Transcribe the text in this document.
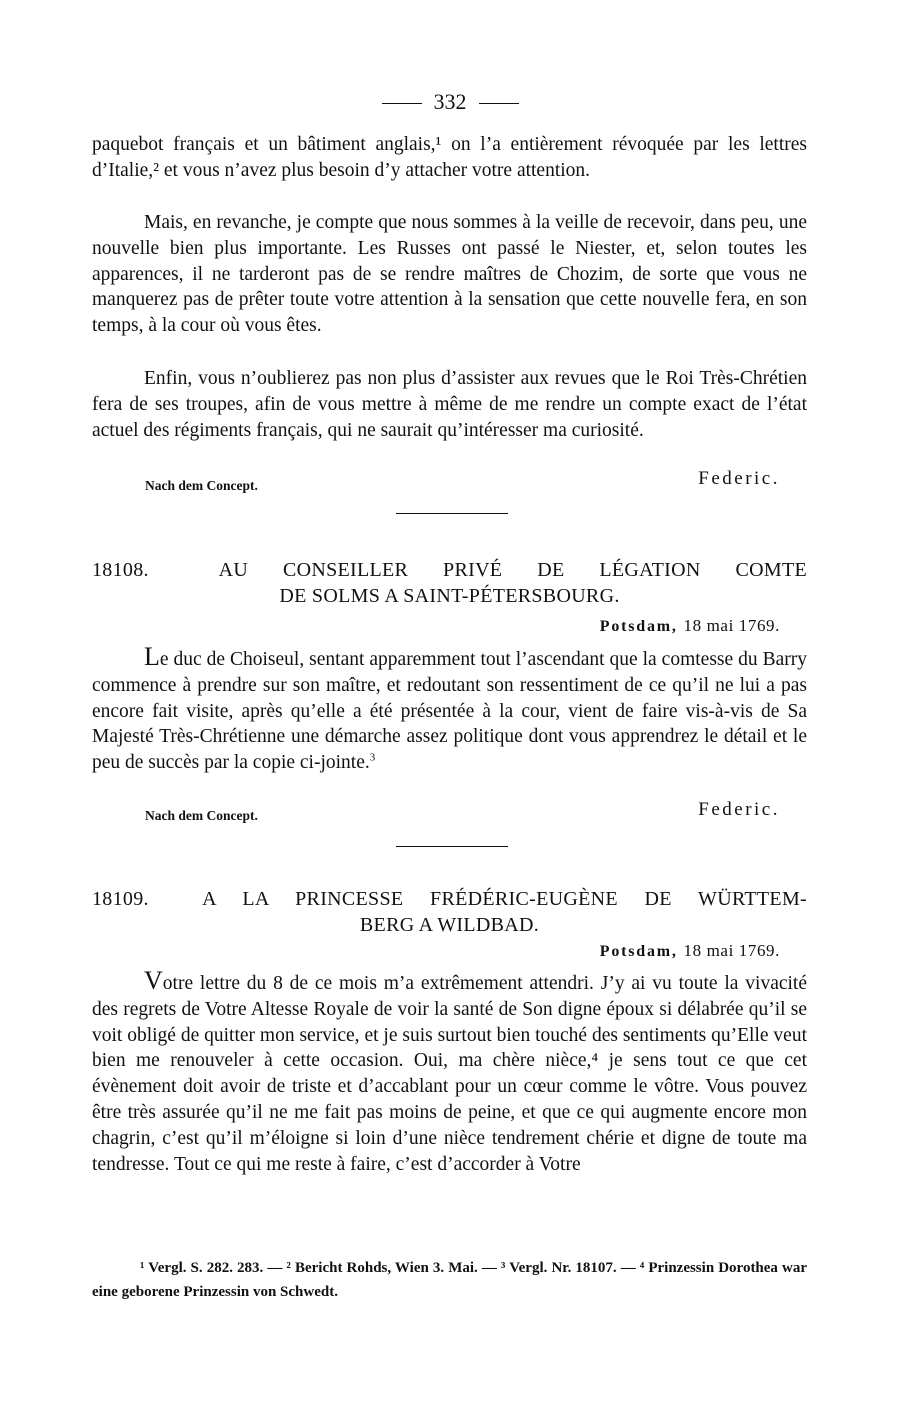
332

paquebot français et un bâtiment anglais,¹ on l’a entièrement révoquée par les lettres d’Italie,² et vous n’avez plus besoin d’y attacher votre attention.

Mais, en revanche, je compte que nous sommes à la veille de recevoir, dans peu, une nouvelle bien plus importante. Les Russes ont passé le Niester, et, selon toutes les apparences, il ne tarderont pas de se rendre maîtres de Chozim, de sorte que vous ne manquerez pas de prêter toute votre attention à la sensation que cette nouvelle fera, en son temps, à la cour où vous êtes.

Enfin, vous n’oublierez pas non plus d’assister aux revues que le Roi Très-Chrétien fera de ses troupes, afin de vous mettre à même de me rendre un compte exact de l’état actuel des régiments français, qui ne saurait qu’intéresser ma curiosité.

Nach dem Concept.	Federic.
18108.	AU CONSEILLER PRIVÉ DE LÉGATION COMTE
DE SOLMS A SAINT-PÉTERSBOURG.
Potsdam, 18 mai 1769.

Le duc de Choiseul, sentant apparemment tout l’ascendant que la comtesse du Barry commence à prendre sur son maître, et redoutant son ressentiment de ce qu’il ne lui a pas encore fait visite, après qu’elle a été présentée à la cour, vient de faire vis-à-vis de Sa Majesté Très-Chrétienne une démarche assez politique dont vous apprendrez le détail et le peu de succès par la copie ci-jointe.$^3$

Nach dem Concept.	Federic.
18109.	A LA PRINCESSE FRÉDÉRIC-EUGÈNE DE WÜRTTEM-
BERG A WILDBAD.
Potsdam, 18 mai 1769.

Votre lettre du 8 de ce mois m’a extrêmement attendri. J’y ai vu toute la vivacité des regrets de Votre Altesse Royale de voir la santé de Son digne époux si délabrée qu’il se voit obligé de quitter mon service, et je suis surtout bien touché des sentiments qu’Elle veut bien me renouveler à cette occasion. Oui, ma chère nièce,⁴ je sens tout ce que cet évènement doit avoir de triste et d’accablant pour un cœur comme le vôtre. Vous pouvez être très assurée qu’il ne me fait pas moins de peine, et que ce qui augmente encore mon chagrin, c’est qu’il m’éloigne si loin d’une nièce tendrement chérie et digne de toute ma tendresse. Tout ce qui me reste à faire, c’est d’accorder à Votre

¹ Vergl. S. 282. 283. — ² Bericht Rohds, Wien 3. Mai. — ³ Vergl. Nr. 18107. — ⁴ Prinzessin Dorothea war eine geborene Prinzessin von Schwedt.
